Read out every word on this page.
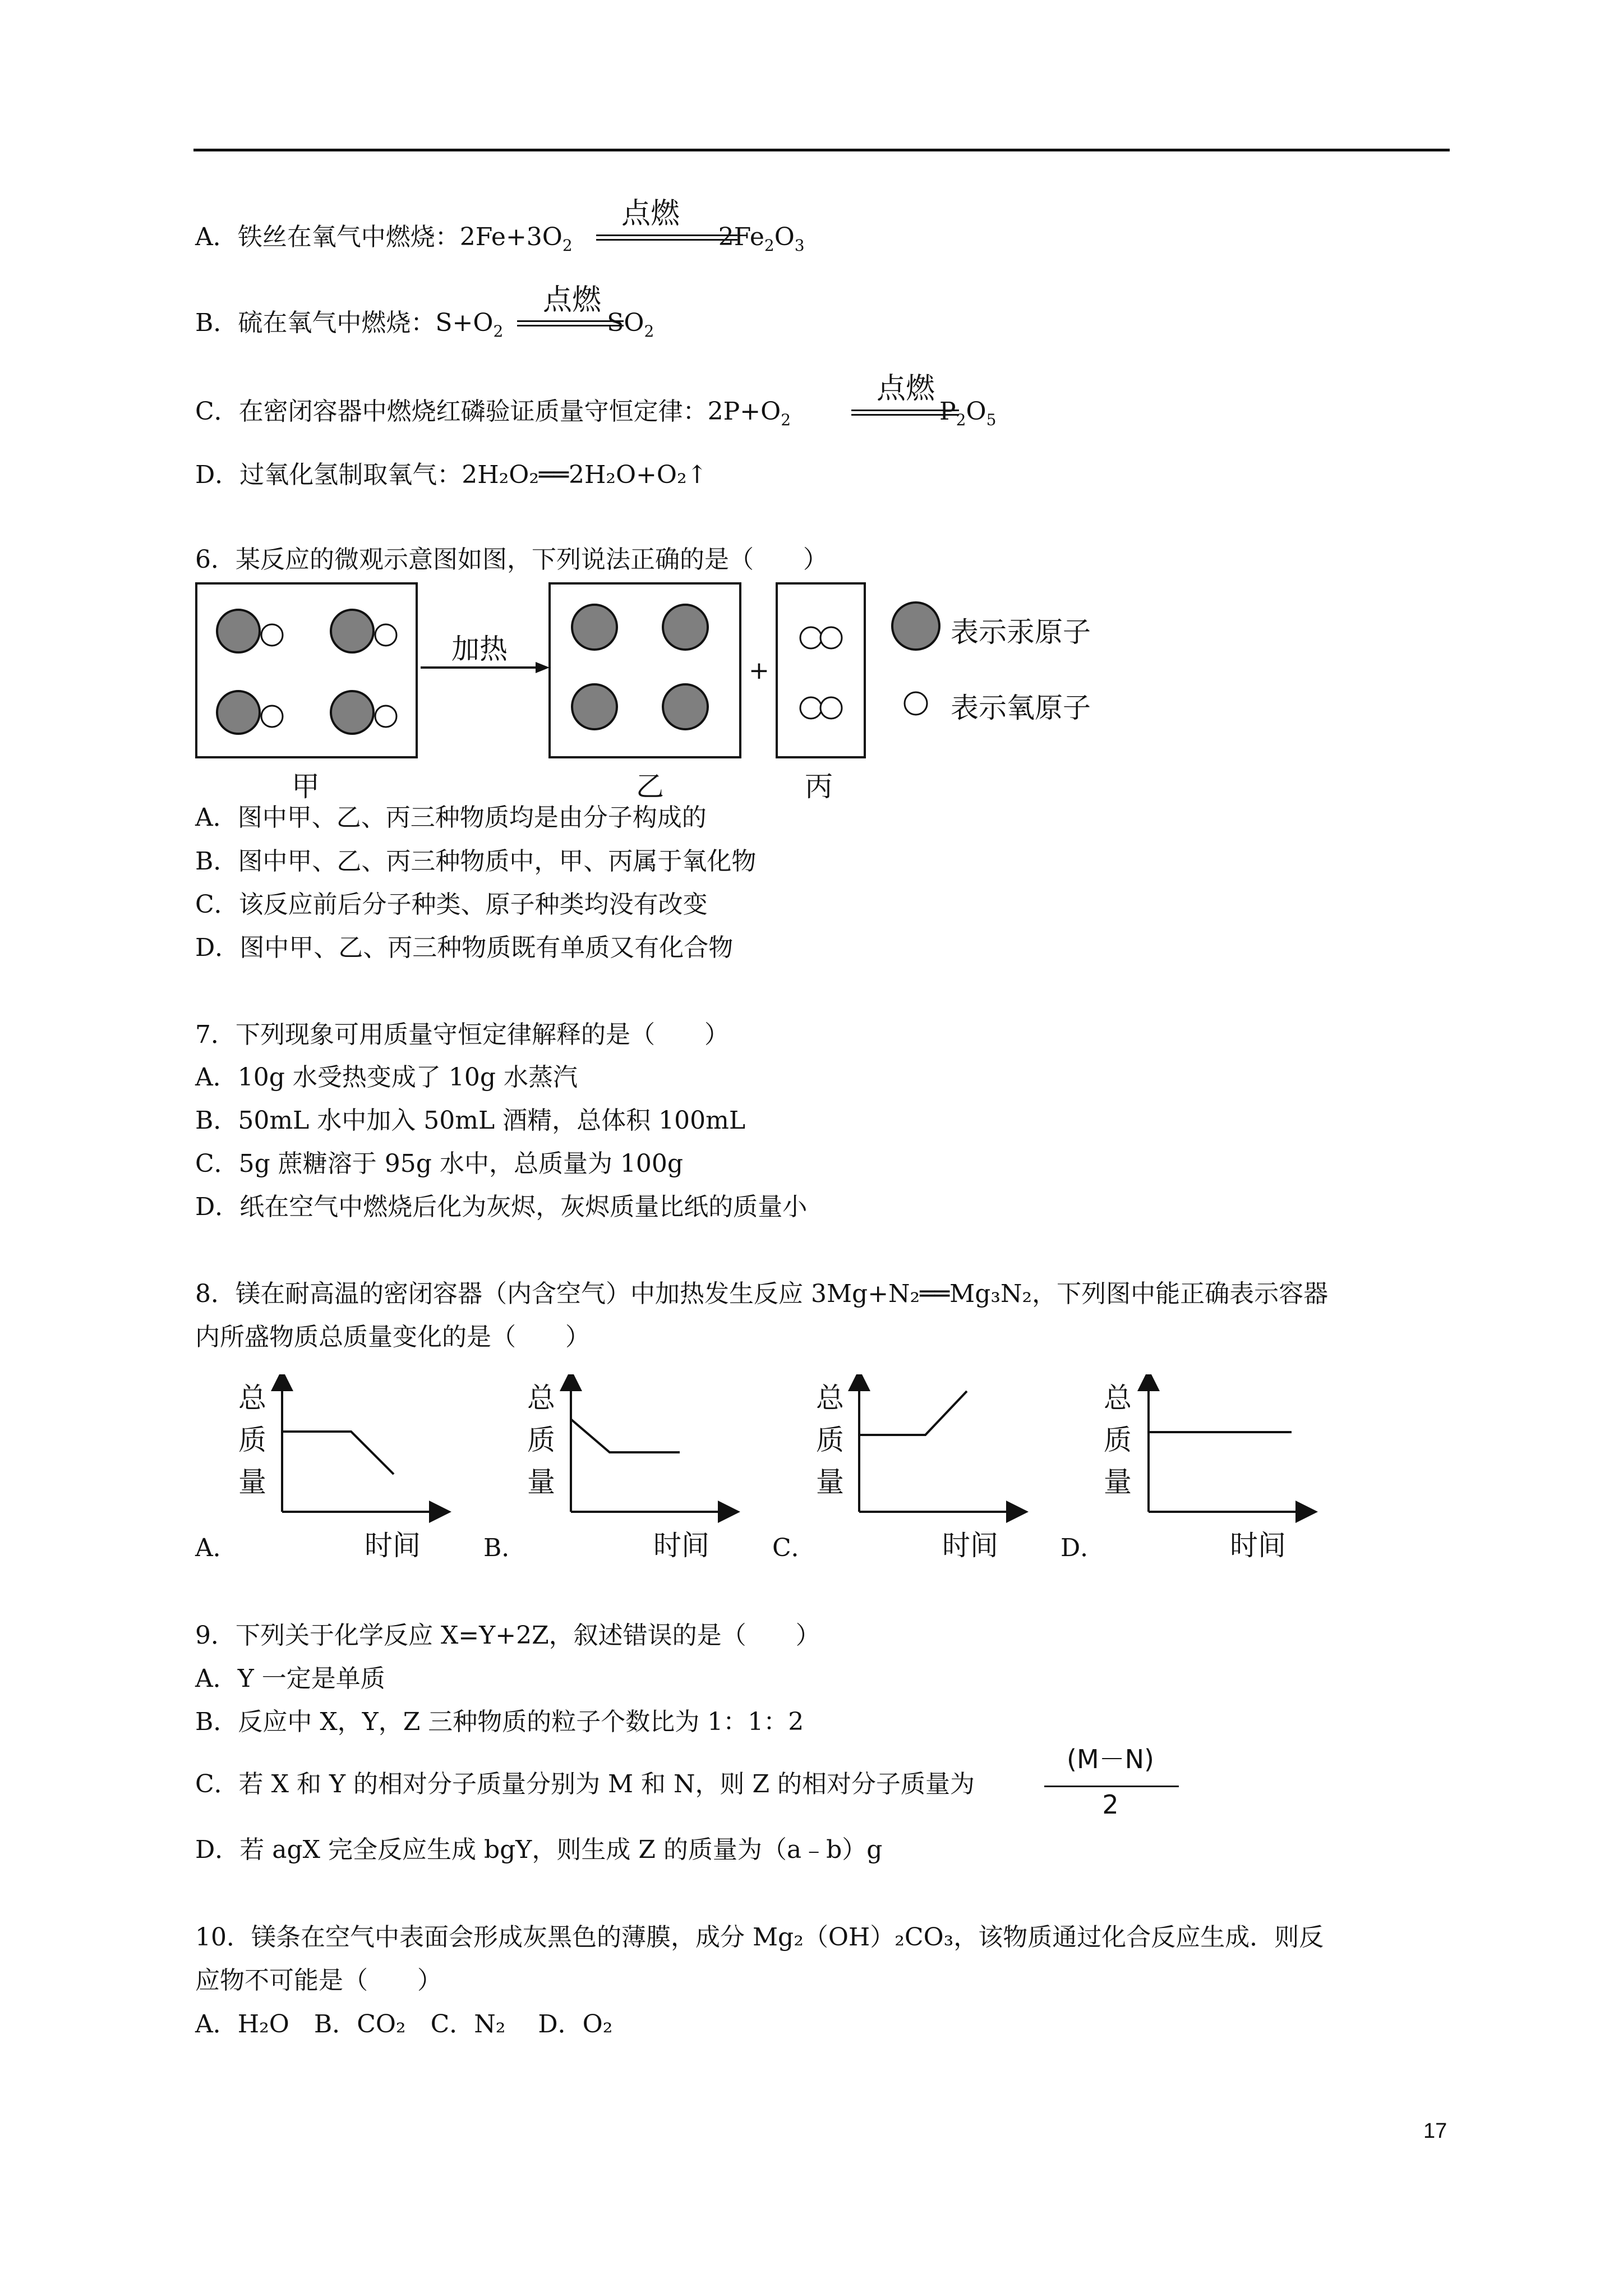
A．铁丝在氧气中燃烧：$2Fe+3O_2$	$2Fe_2O_3$
点燃
B．硫在氧气中燃烧：$S+O_2$	$SO_2$
点燃
C．在密闭容器中燃烧红磷验证质量守恒定律：$2P+O_2$	$P_2O_5$
点燃
D．过氧化氢制取氧气：2H₂O₂══2H₂O+O₂↑
6．某反应的微观示意图如图，下列说法正确的是（　　）
加热
+
表示汞原子
表示氧原子
甲	乙	丙
A．图中甲、乙、丙三种物质均是由分子构成的
B．图中甲、乙、丙三种物质中，甲、丙属于氧化物
C．该反应前后分子种类、原子种类均没有改变
D．图中甲、乙、丙三种物质既有单质又有化合物
7．下列现象可用质量守恒定律解释的是（　　）
A．10g 水受热变成了 10g 水蒸汽
B．50mL 水中加入 50mL 酒精，总体积 100mL
C．5g 蔗糖溶于 95g 水中，总质量为 100g
D．纸在空气中燃烧后化为灰烬，灰烬质量比纸的质量小
8．镁在耐高温的密闭容器（内含空气）中加热发生反应 3Mg+N₂══Mg₃N₂，下列图中能正确表示容器
内所盛物质总质量变化的是（　　）
总
质
量
总
质
量
总
质
量
总
质
量
时间	时间	时间	时间
A．	B．	C．	D．
9．下列关于化学反应 X=Y+2Z，叙述错误的是（　　）
A．Y 一定是单质
B．反应中 X，Y，Z 三种物质的粒子个数比为 1：1：2
C．若 X 和 Y 的相对分子质量分别为 M 和 N，则 Z 的相对分子质量为
(M－N)
2
D．若 agX 完全反应生成 bgY，则生成 Z 的质量为（a﹣b）g
10．镁条在空气中表面会形成灰黑色的薄膜，成分 Mg₂（OH）₂CO₃，该物质通过化合反应生成．则反
应物不可能是（　　）
A．H₂O　B．CO₂　C．N₂　 D．O₂
17
